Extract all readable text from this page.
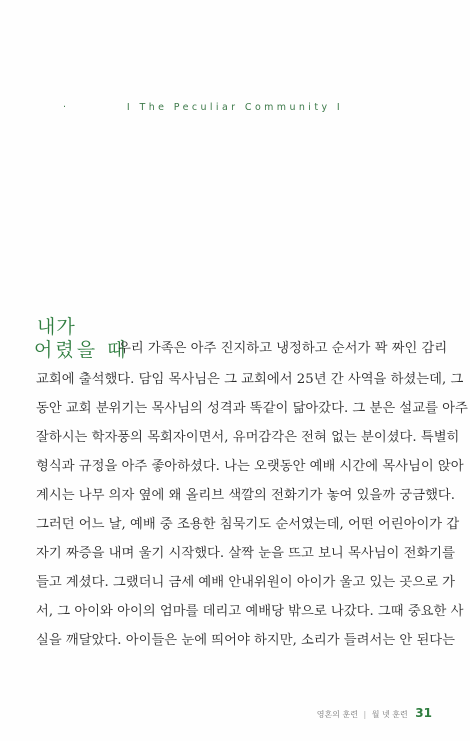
·	I The Peculiar Community I
내가
어렸을 때
우리 가족은 아주 진지하고 냉정하고 순서가 꽉 짜인 감리
교회에 출석했다. 담임 목사님은 그 교회에서 25년 간 사역을 하셨는데, 그
동안 교회 분위기는 목사님의 성격과 똑같이 닮아갔다. 그 분은 설교를 아주
잘하시는 학자풍의 목회자이면서, 유머감각은 전혀 없는 분이셨다. 특별히
형식과 규정을 아주 좋아하셨다. 나는 오랫동안 예배 시간에 목사님이 앉아
계시는 나무 의자 옆에 왜 올리브 색깔의 전화기가 놓여 있을까 궁금했다.
그러던 어느 날, 예배 중 조용한 침묵기도 순서였는데, 어떤 어린아이가 갑
자기 짜증을 내며 울기 시작했다. 살짝 눈을 뜨고 보니 목사님이 전화기를
들고 계셨다. 그랬더니 금세 예배 안내위원이 아이가 울고 있는 곳으로 가
서, 그 아이와 아이의 엄마를 데리고 예배당 밖으로 나갔다. 그때 중요한 사
실을 깨달았다. 아이들은 눈에 띄어야 하지만, 소리가 들려서는 안 된다는
영혼의 훈련 | 월 넷 훈련 31
